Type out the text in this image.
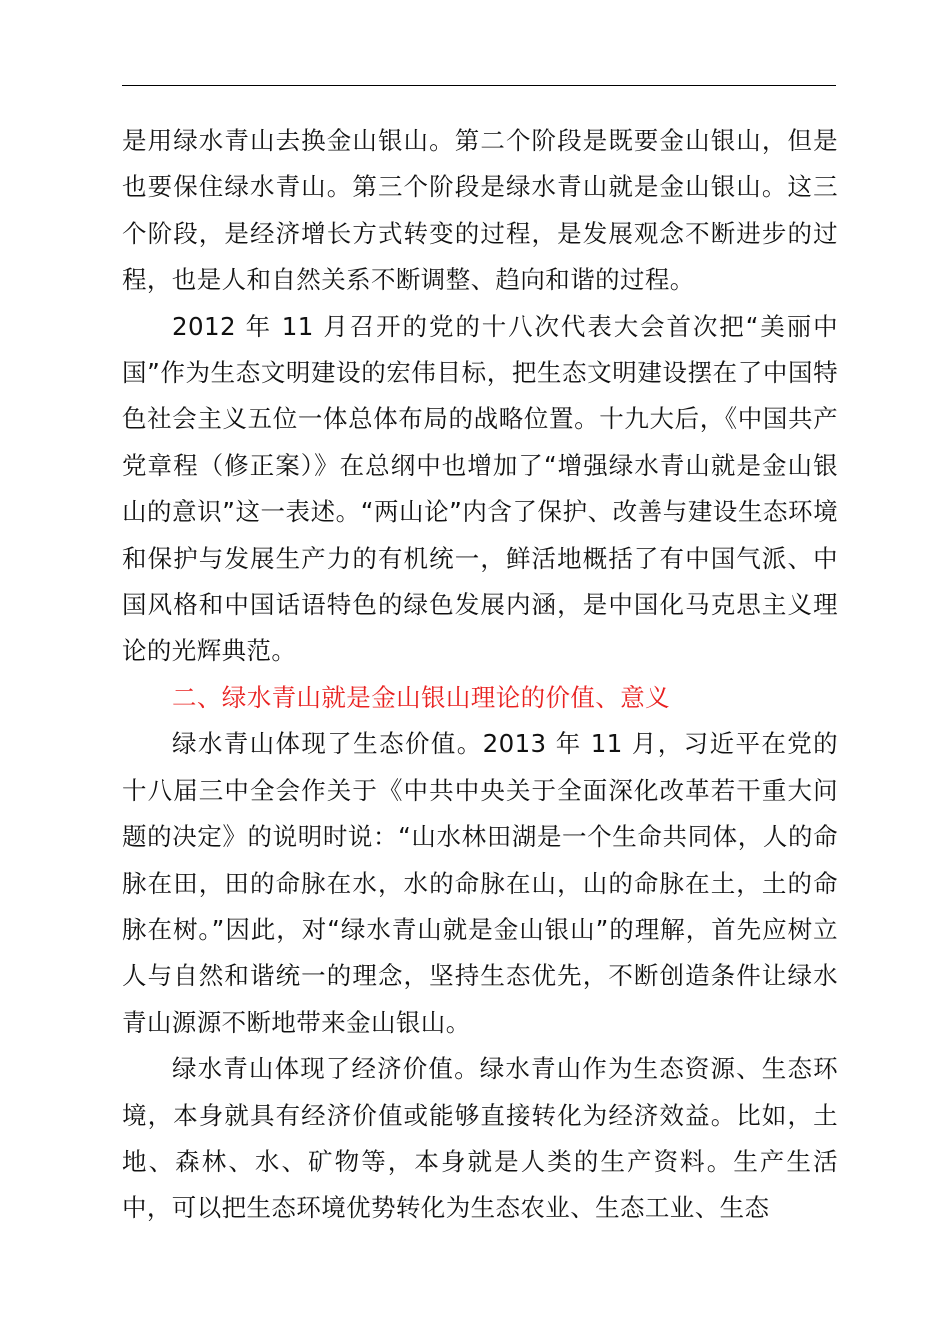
是用绿水青山去换金山银山。第二个阶段是既要金山银山，但是也要保住绿水青山。第三个阶段是绿水青山就是金山银山。这三个阶段，是经济增长方式转变的过程，是发展观念不断进步的过程，也是人和自然关系不断调整、趋向和谐的过程。

2012 年 11 月召开的党的十八次代表大会首次把“美丽中国”作为生态文明建设的宏伟目标，把生态文明建设摆在了中国特色社会主义五位一体总体布局的战略位置。十九大后，《中国共产党章程（修正案）》在总纲中也增加了“增强绿水青山就是金山银山的意识”这一表述。“两山论”内含了保护、改善与建设生态环境和保护与发展生产力的有机统一，鲜活地概括了有中国气派、中国风格和中国话语特色的绿色发展内涵，是中国化马克思主义理论的光辉典范。

二、绿水青山就是金山银山理论的价值、意义

绿水青山体现了生态价值。2013 年 11 月，习近平在党的十八届三中全会作关于《中共中央关于全面深化改革若干重大问题的决定》的说明时说：“山水林田湖是一个生命共同体，人的命脉在田，田的命脉在水，水的命脉在山，山的命脉在土，土的命脉在树。”因此，对“绿水青山就是金山银山”的理解，首先应树立人与自然和谐统一的理念，坚持生态优先，不断创造条件让绿水青山源源不断地带来金山银山。

绿水青山体现了经济价值。绿水青山作为生态资源、生态环境，本身就具有经济价值或能够直接转化为经济效益。比如，土地、森林、水、矿物等，本身就是人类的生产资料。生产生活中，可以把生态环境优势转化为生态农业、生态工业、生态
